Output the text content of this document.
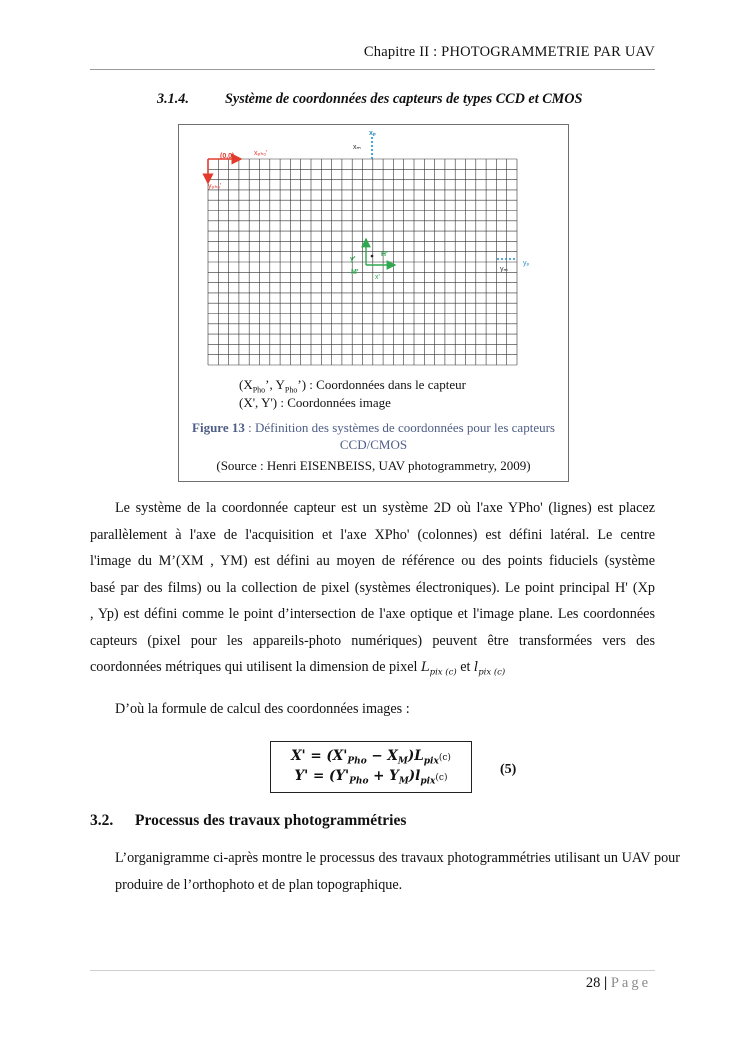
Chapitre II : PHOTOGRAMMETRIE PAR UAV
3.1.4.	Système de coordonnées des capteurs de types CCD et CMOS
xₚ
xₘ
(0,0)	xₚₕₒ'
yₚₕₒ'
y'
H'
M'
x'
yₚ
yₘ
($X_{Pho}$’, $Y_{Pho}$’) : Coordonnées dans le capteur
(X', Y') : Coordonnées image
Figure 13 : Définition des systèmes de coordonnées pour les capteurs CCD/CMOS
(Source : Henri EISENBEISS, UAV photogrammetry, 2009)
Le système de la coordonnée capteur est un système 2D où l'axe YPho' (lignes) est placez
parallèlement à l'axe de l'acquisition et l'axe XPho' (colonnes) est défini latéral. Le centre
l'image du M’(XM , YM) est défini au moyen de référence ou des points fiduciels (système
basé par des films) ou la collection de pixel (systèmes électroniques). Le point principal H' (Xp
, Yp) est défini comme le point d’intersection de l'axe optique et l'image plane. Les coordonnées
capteurs (pixel pour les appareils-photo numériques) peuvent être transformées vers des
coordonnées métriques qui utilisent la dimension de pixel $L_{pix (c)}$ et $l_{pix (c)}$
D’où la formule de calcul des coordonnées images :
$X' = (X'_{Pho} - X_M)L_{pix}(c)$
$Y' = (Y'_{Pho} + Y_M)l_{pix}(c)$
(5)
3.2. Processus des travaux photogrammétries
L’organigramme ci-après montre le processus des travaux photogrammétries utilisant un UAV pour produire de l’orthophoto et de plan topographique.
28 | Page
